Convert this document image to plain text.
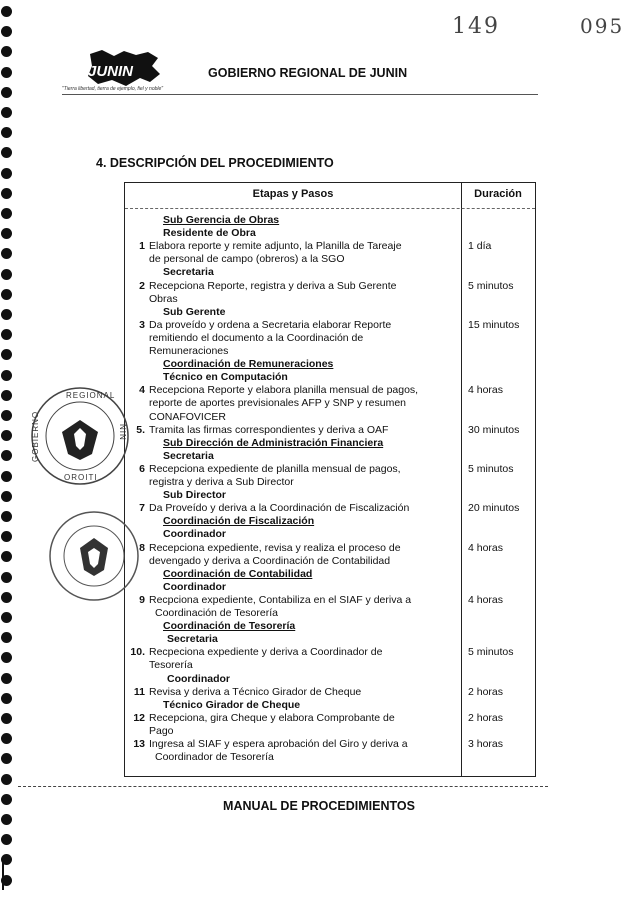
149	095
JUNIN
"Tierra libertad, tierra de ejemplo, fiel y noble"
GOBIERNO REGIONAL DE JUNIN
4. DESCRIPCIÓN DEL PROCEDIMIENTO
Etapas y Pasos	Duración
Sub Gerencia de Obras
Residente de Obra
1 Elabora reporte y remite adjunto, la Planilla de Tareaje
de personal de campo (obreros) a la SGO
Secretaria
2 Recepciona Reporte, registra y deriva a Sub Gerente
Obras
Sub Gerente
3 Da proveído y ordena a Secretaria elaborar Reporte
remitiendo el documento a la Coordinación de
Remuneraciones
Coordinación de Remuneraciones
Técnico en Computación
4 Recepciona Reporte y elabora planilla mensual de pagos,
reporte de aportes previsionales AFP y SNP y resumen
CONAFOVICER
5. Tramita las firmas correspondientes y deriva a OAF
Sub Dirección de Administración Financiera
Secretaria
6 Recepciona expediente de planilla mensual de pagos,
registra y deriva a Sub Director
Sub Director
7 Da Proveído y deriva a la Coordinación de Fiscalización
Coordinación de Fiscalización
Coordinador
8 Recepciona expediente, revisa y realiza el proceso de
devengado y deriva a Coordinación de Contabilidad
Coordinación de Contabilidad
Coordinador
9 Recpciona expediente, Contabiliza en el SIAF y deriva a
Coordinación de Tesorería
Coordinación de Tesorería
Secretaria
10. Recpeciona expediente y deriva a Coordinador de
Tesorería
Coordinador
11 Revisa y deriva a Técnico Girador de Cheque
Técnico Girador de Cheque
12 Recepciona, gira Cheque y elabora Comprobante de
Pago
13 Ingresa al SIAF y espera aprobación del Giro y deriva a
Coordinador de Tesorería
1 día
5 minutos
15 minutos
4 horas
30 minutos
5 minutos
20 minutos
4 horas
4 horas
5 minutos
2 horas
2 horas
3 horas
REGIONAL
GOBIERNO
OROITI
NIN
MANUAL DE PROCEDIMIENTOS
